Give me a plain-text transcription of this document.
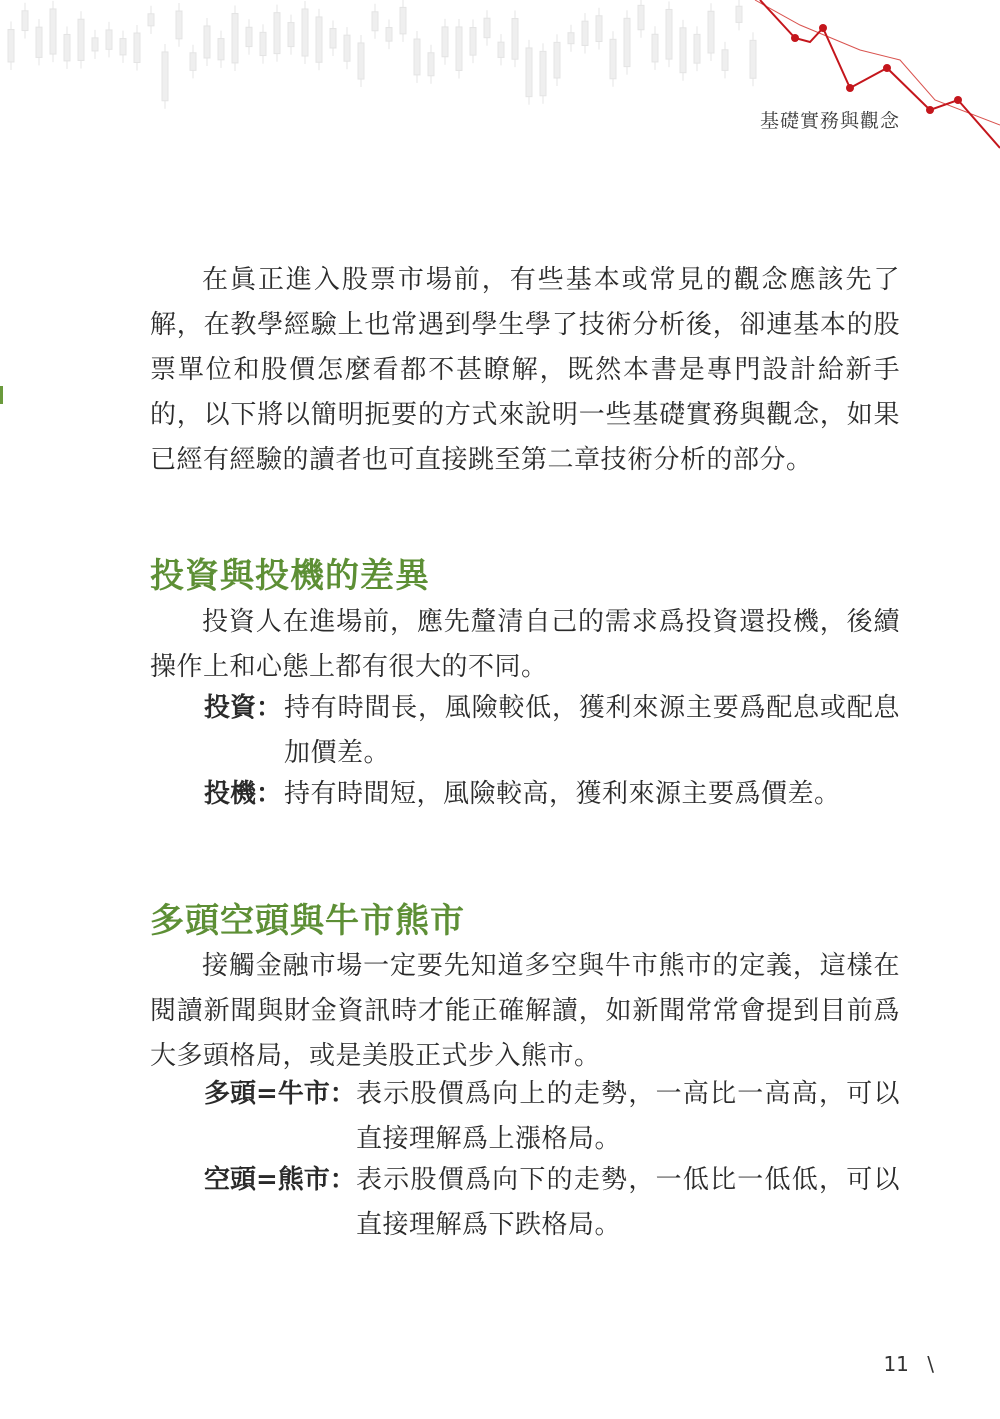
基礎實務與觀念

在眞正進入股票市場前，有些基本或常見的觀念應該先了解，在教學經驗上也常遇到學生學了技術分析後，卻連基本的股票單位和股價怎麼看都不甚瞭解，既然本書是專門設計給新手的，以下將以簡明扼要的方式來說明一些基礎實務與觀念，如果已經有經驗的讀者也可直接跳至第二章技術分析的部分。

投資與投機的差異

投資人在進場前，應先釐清自己的需求爲投資還投機，後續操作上和心態上都有很大的不同。

投資： 持有時間長，風險較低，獲利來源主要爲配息或配息加價差。
投機： 持有時間短，風險較高，獲利來源主要爲價差。
多頭空頭與牛市熊市

接觸金融市場一定要先知道多空與牛市熊市的定義，這樣在閱讀新聞與財金資訊時才能正確解讀，如新聞常常會提到目前爲大多頭格局，或是美股正式步入熊市。

多頭=牛市： 表示股價爲向上的走勢，一高比一高高，可以直接理解爲上漲格局。
空頭=熊市： 表示股價爲向下的走勢，一低比一低低，可以直接理解爲下跌格局。
11 \
